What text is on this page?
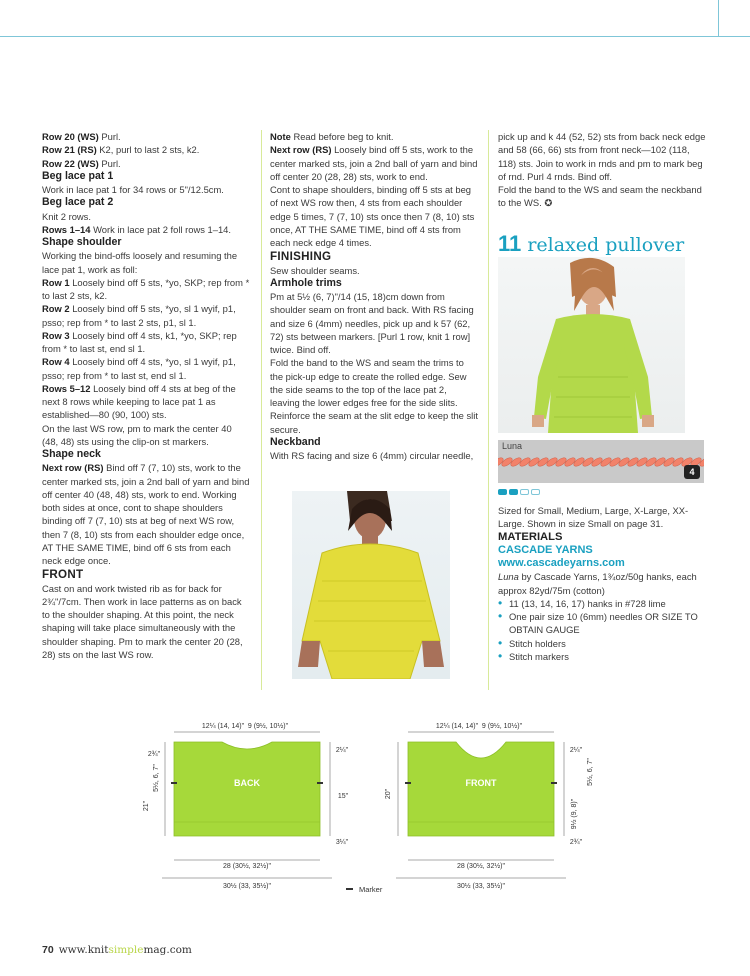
Row 20 (WS) Purl.

Row 21 (RS) K2, purl to last 2 sts, k2.

Row 22 (WS) Purl.

Beg lace pat 1

Work in lace pat 1 for 34 rows or 5"/12.5cm.

Beg lace pat 2

Knit 2 rows.

Rows 1–14 Work in lace pat 2 foll rows 1–14.

Shape shoulder

Working the bind-offs loosely and resuming the lace pat 1, work as foll:

Row 1 Loosely bind off 5 sts, *yo, SKP; rep from * to last 2 sts, k2.

Row 2 Loosely bind off 5 sts, *yo, sl 1 wyif, p1, psso; rep from * to last 2 sts, p1, sl 1.

Row 3 Loosely bind off 4 sts, k1, *yo, SKP; rep from * to last st, end sl 1.

Row 4 Loosely bind off 4 sts, *yo, sl 1 wyif, p1, psso; rep from * to last st, end sl 1.

Rows 5–12 Loosely bind off 4 sts at beg of the next 8 rows while keeping to lace pat 1 as established—80 (90, 100) sts.

On the last WS row, pm to mark the center 40 (48, 48) sts using the clip-on st markers.

Shape neck

Next row (RS) Bind off 7 (7, 10) sts, work to the center marked sts, join a 2nd ball of yarn and bind off center 40 (48, 48) sts, work to end. Working both sides at once, cont to shape shoulders binding off 7 (7, 10) sts at beg of next WS row, then 7 (8, 10) sts from each shoulder edge once, AT THE SAME TIME, bind off 6 sts from each neck edge once.

FRONT

Cast on and work twisted rib as for back for 2¾"/7cm. Then work in lace patterns as on back to the shoulder shaping. At this point, the neck shaping will take place simultaneously with the shoulder shaping. Pm to mark the center 20 (28, 28) sts on the last WS row.

Note Read before beg to knit.

Next row (RS) Loosely bind off 5 sts, work to the center marked sts, join a 2nd ball of yarn and bind off center 20 (28, 28) sts, work to end.

Cont to shape shoulders, binding off 5 sts at beg of next WS row then, 4 sts from each shoulder edge 5 times, 7 (7, 10) sts once then 7 (8, 10) sts once, AT THE SAME TIME, bind off 4 sts from each neck edge 4 times.

FINISHING

Sew shoulder seams.

Armhole trims

Pm at 5½ (6, 7)"/14 (15, 18)cm down from shoulder seam on front and back. With RS facing and size 6 (4mm) needles, pick up and k 57 (62, 72) sts between markers. [Purl 1 row, knit 1 row] twice. Bind off.

Fold the band to the WS and seam the trims to the pick-up edge to create the rolled edge. Sew the side seams to the top of the lace pat 2, leaving the lower edges free for the side slits. Reinforce the seam at the slit edge to keep the slit secure.

Neckband

With RS facing and size 6 (4mm) circular needle,

pick up and k 44 (52, 52) sts from back neck edge and 58 (66, 66) sts from front neck—102 (118, 118) sts. Join to work in rnds and pm to mark beg of rnd. Purl 4 rnds. Bind off.

Fold the band to the WS and seam the neckband to the WS. ✪

11 relaxed pullover
Luna
4

Sized for Small, Medium, Large, X-Large, XX-Large. Shown in size Small on page 31.

MATERIALS

CASCADE YARNS

www.cascadeyarns.com

Luna by Cascade Yarns, 1¾oz/50g hanks, each approx 82yd/75m (cotton)

• 11 (13, 14, 16, 17) hanks in #728 lime

• One pair size 10 (6mm) needles OR SIZE TO OBTAIN GAUGE

• Stitch holders

• Stitch markers

BACK
12¼ (14, 14)" 9 (9½, 10½)"
2¾"
5½, 6, 7"
21"
2¼"
15"
3¼"
28 (30½, 32½)"
30½ (33, 35½)"
FRONT
12¼ (14, 14)" 9 (9½, 10½)"
20"
2¼"
5½, 6, 7"
9½ (9, 8)"
2¾"
28 (30½, 32½)"
30½ (33, 35½)"
Marker
70 www.knitsimplemag.com
